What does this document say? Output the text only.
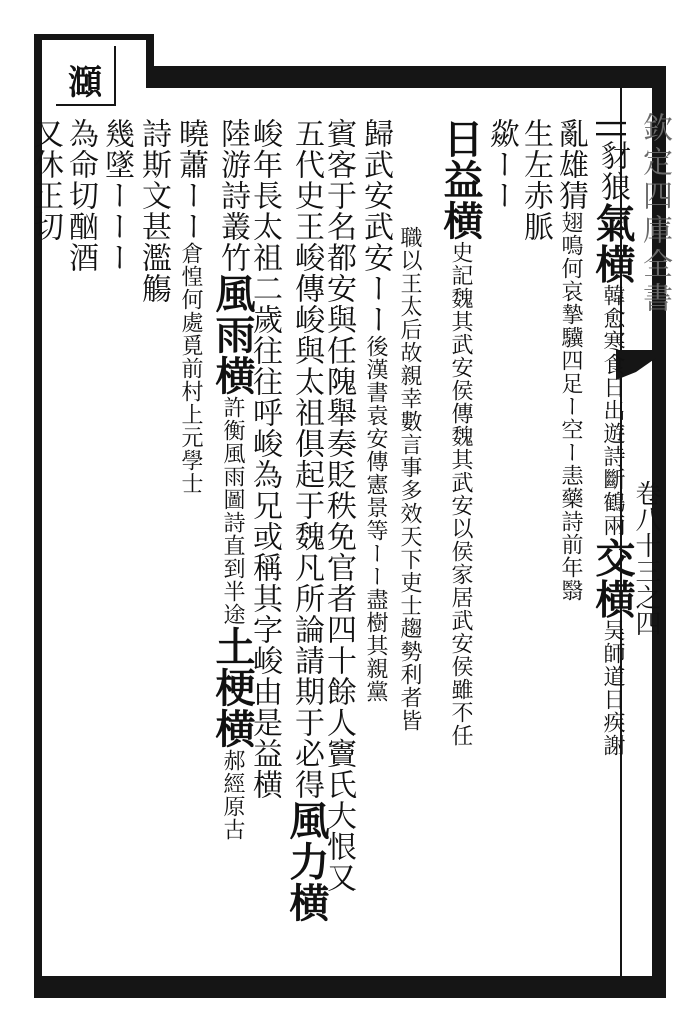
欽定四庫全書
卷八十三之四
㶊
||豺狼氣横韓愈寒食日出遊詩斷鶴兩交横吴師道日疾謝
亂雄猜翅鳴何哀摯驥四足ー空ー恚藥詩前年翳
生左赤脈
歘ーー
日益横史記魏其武安侯傳魏其武安以侯家居武安侯雖不任
職以王太后故親幸數言事多效天下吏士趨勢利者皆
歸武安武安ーー後漢書袁安傳憲景等ーー盡樹其親黨
賓客于名都安與任隗舉奏貶秩免官者四十餘人竇氏大恨又
五代史王峻傳峻與太祖俱起于魏凡所論請期于必得風力横
峻年長太祖二歲往往呼峻為兄或稱其字峻由是益横
陸游詩叢竹風雨横許衡風雨圖詩直到半途土梗横郝經原古
曉蕭ーー倉惶何處覓前村上元學士
詩斯文甚濫觴
幾墜ーーー
為命切酗酒
又休正切
